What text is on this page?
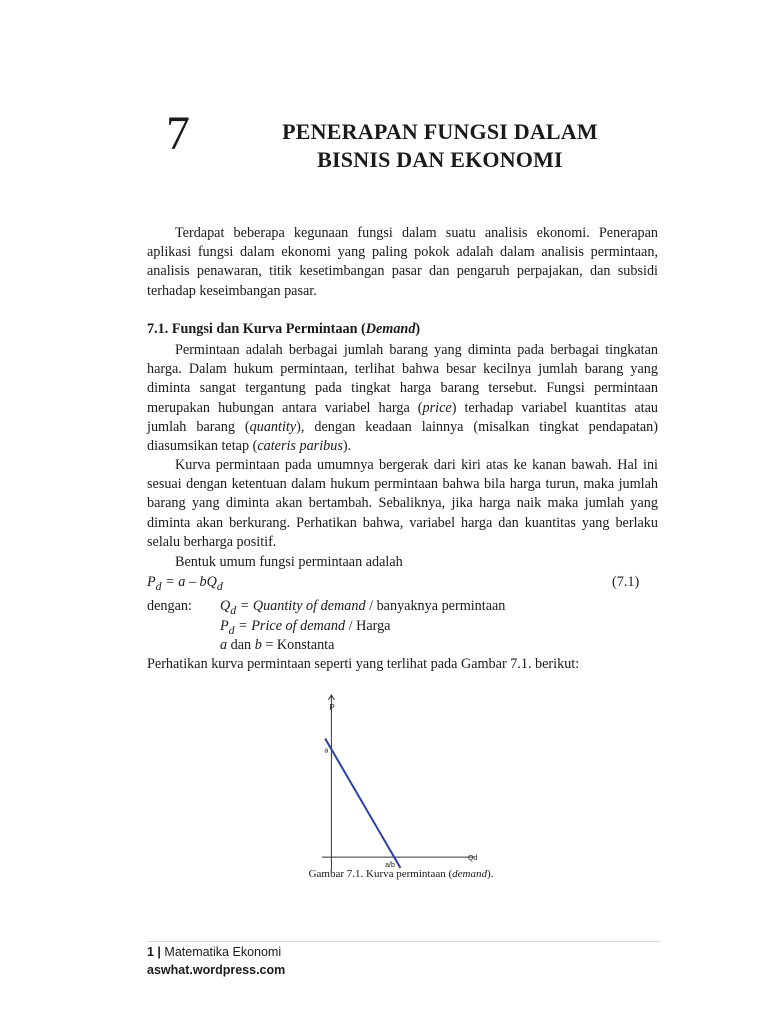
7	PENERAPAN FUNGSI DALAM
BISNIS DAN EKONOMI

Terdapat beberapa kegunaan fungsi dalam suatu analisis ekonomi. Penerapan aplikasi fungsi dalam ekonomi yang paling pokok adalah dalam analisis permintaan, analisis penawaran, titik kesetimbangan pasar dan pengaruh perpajakan, dan subsidi terhadap keseimbangan pasar.

7.1. Fungsi dan Kurva Permintaan (Demand)

Permintaan adalah berbagai jumlah barang yang diminta pada berbagai tingkatan harga. Dalam hukum permintaan, terlihat bahwa besar kecilnya jumlah barang yang diminta sangat tergantung pada tingkat harga barang tersebut. Fungsi permintaan merupakan hubungan antara variabel harga (price) terhadap variabel kuantitas atau jumlah barang (quantity), dengan keadaan lainnya (misalkan tingkat pendapatan) diasumsikan tetap (cateris paribus).

Kurva permintaan pada umumnya bergerak dari kiri atas ke kanan bawah. Hal ini sesuai dengan ketentuan dalam hukum permintaan bahwa bila harga turun, maka jumlah barang yang diminta akan bertambah. Sebaliknya, jika harga naik maka jumlah yang diminta akan berkurang. Perhatikan bahwa, variabel harga dan kuantitas yang berlaku selalu berharga positif.

Bentuk umum fungsi permintaan adalah

$P_d = a - bQ_d$	(7.1)
dengan: $Q_d$ = Quantity of demand / banyaknya permintaan
$P_d$ = Price of demand / Harga
a dan b = Konstanta

Perhatikan kurva permintaan seperti yang terlihat pada Gambar 7.1. berikut:

P
Qd
a
a/b
Gambar 7.1. Kurva permintaan (demand).
1 | Matematika Ekonomi
aswhat.wordpress.com
